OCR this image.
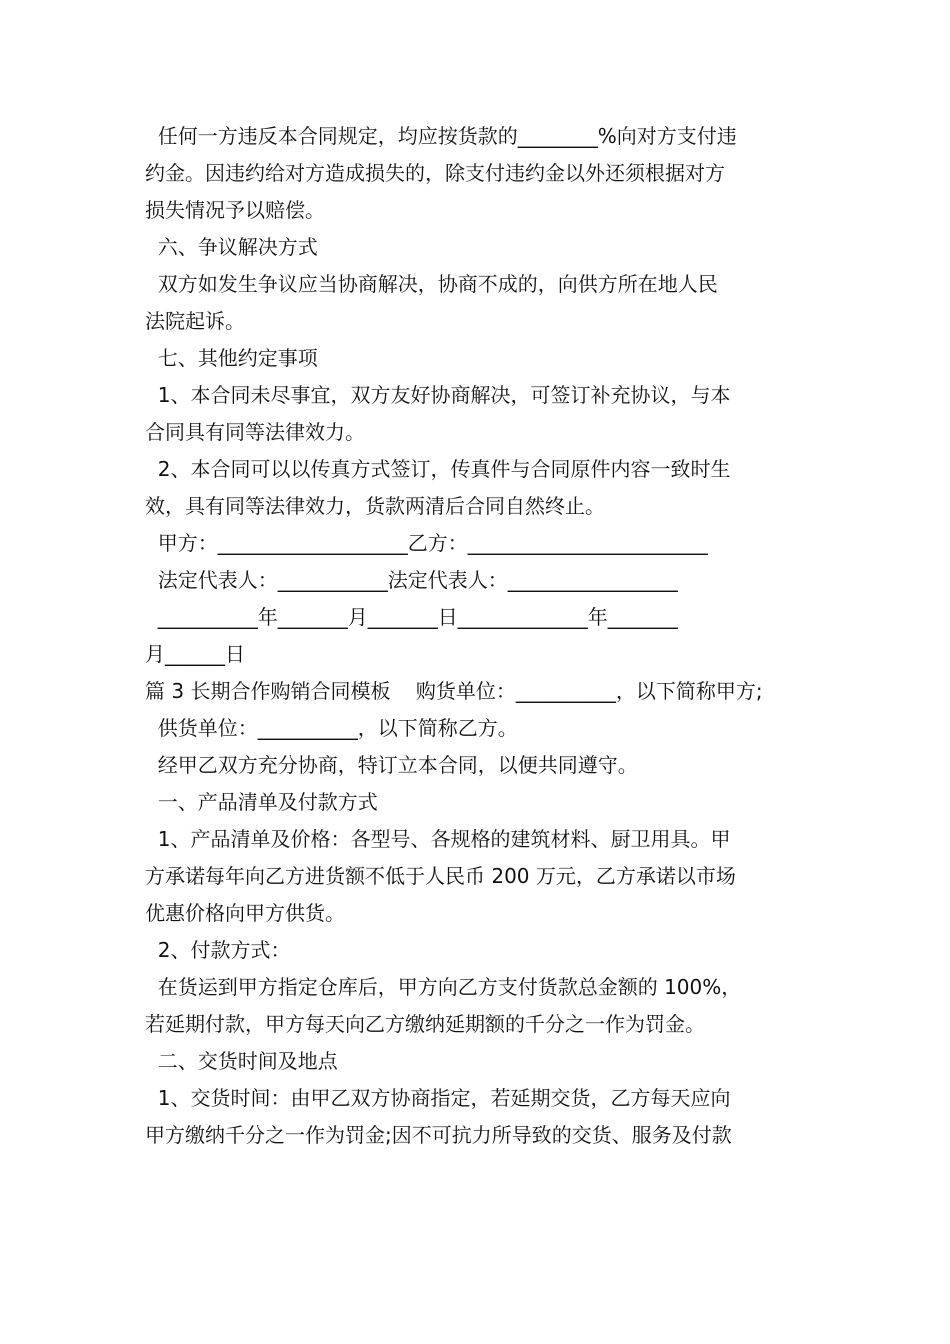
任何一方违反本合同规定，均应按货款的________%向对方支付违
约金。因违约给对方造成损失的，除支付违约金以外还须根据对方
损失情况予以赔偿。
六、争议解决方式
双方如发生争议应当协商解决，协商不成的，向供方所在地人民
法院起诉。
七、其他约定事项
1、本合同未尽事宜，双方友好协商解决，可签订补充协议，与本
合同具有同等法律效力。
2、本合同可以以传真方式签订，传真件与合同原件内容一致时生
效，具有同等法律效力，货款两清后合同自然终止。
甲方：___________________乙方：________________________
法定代表人：___________法定代表人：_________________
__________年_______月_______日_____________年_______
月______日
篇 3 长期合作购销合同模板    购货单位：__________，以下简称甲方;
供货单位：__________，以下简称乙方。
经甲乙双方充分协商，特订立本合同，以便共同遵守。
一、产品清单及付款方式
1、产品清单及价格：各型号、各规格的建筑材料、厨卫用具。甲
方承诺每年向乙方进货额不低于人民币 200 万元，乙方承诺以市场
优惠价格向甲方供货。
2、付款方式：
在货运到甲方指定仓库后，甲方向乙方支付货款总金额的 100%，
若延期付款，甲方每天向乙方缴纳延期额的千分之一作为罚金。
二、交货时间及地点
1、交货时间：由甲乙双方协商指定，若延期交货，乙方每天应向
甲方缴纳千分之一作为罚金;因不可抗力所导致的交货、服务及付款
